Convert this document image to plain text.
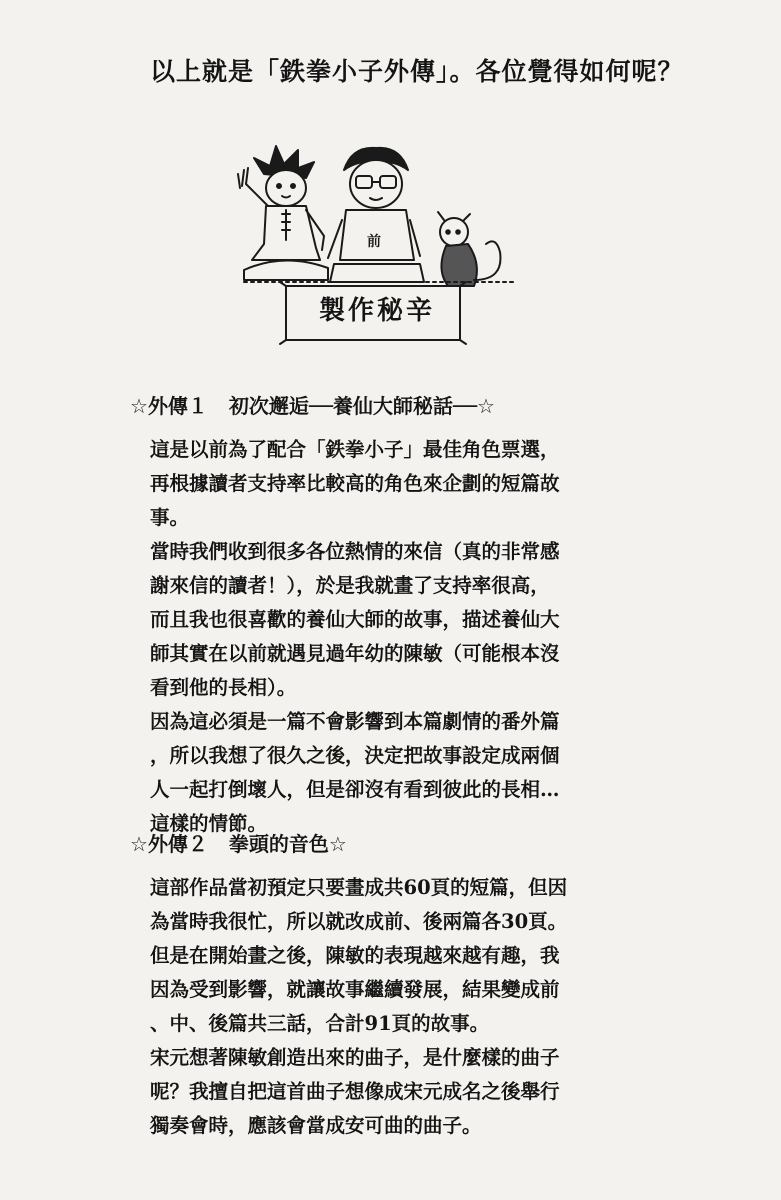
以上就是「鉄拳小子外傳」。各位覺得如何呢？
前
製作秘辛
☆外傳１ 初次邂逅──養仙大師秘話──☆
這是以前為了配合「鉄拳小子」最佳角色票選，
再根據讀者支持率比較高的角色來企劃的短篇故
事。
當時我們收到很多各位熱情的來信（真的非常感
謝來信的讀者！），於是我就畫了支持率很高，
而且我也很喜歡的養仙大師的故事，描述養仙大
師其實在以前就遇見過年幼的陳敏（可能根本沒
看到他的長相）。
因為這必須是一篇不會影響到本篇劇情的番外篇
，所以我想了很久之後，決定把故事設定成兩個
人一起打倒壞人，但是卻沒有看到彼此的長相…
這樣的情節。
☆外傳２ 拳頭的音色☆
這部作品當初預定只要畫成共60頁的短篇，但因
為當時我很忙，所以就改成前、後兩篇各30頁。
但是在開始畫之後，陳敏的表現越來越有趣，我
因為受到影響，就讓故事繼續發展，結果變成前
、中、後篇共三話，合計91頁的故事。
宋元想著陳敏創造出來的曲子，是什麼樣的曲子
呢？我擅自把這首曲子想像成宋元成名之後舉行
獨奏會時，應該會當成安可曲的曲子。
